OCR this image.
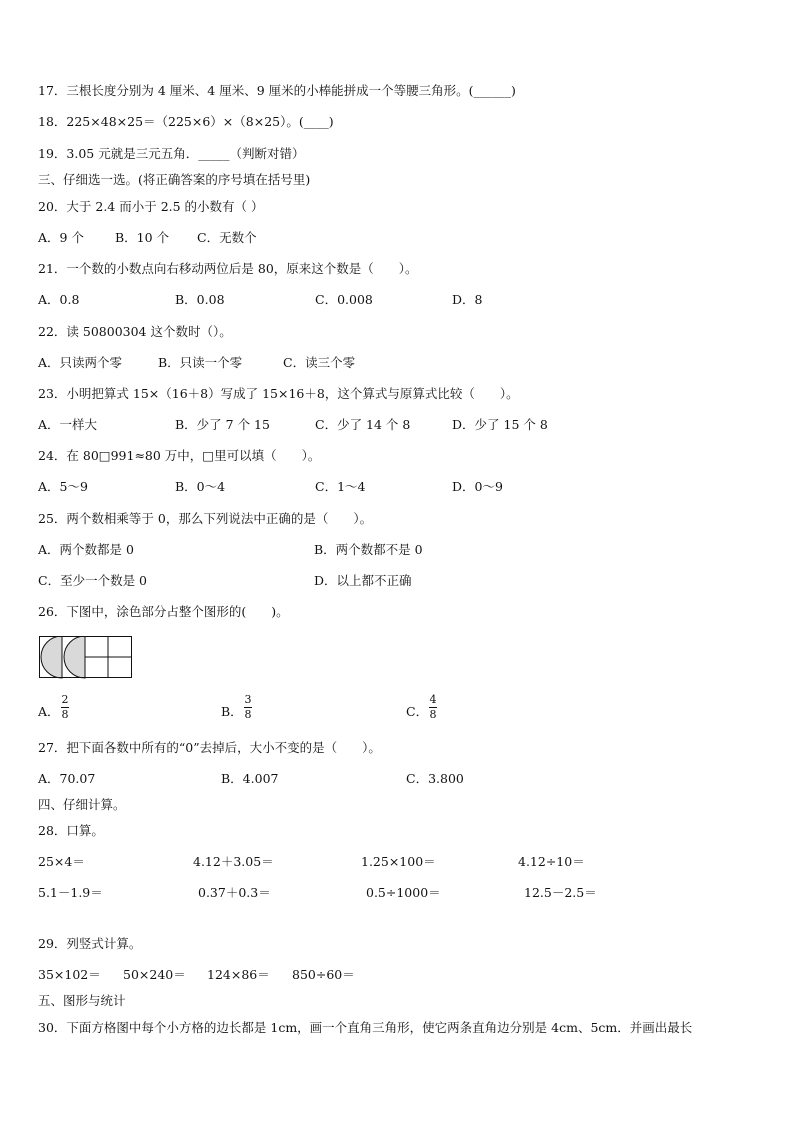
17．三根长度分别为 4 厘米、4 厘米、9 厘米的小棒能拼成一个等腰三角形。(______)
18．225×48×25＝（225×6）×（8×25）。(____)
19．3.05 元就是三元五角．_____（判断对错）
三、仔细选一选。(将正确答案的序号填在括号里)
20．大于 2.4 而小于 2.5 的小数有（ ）
A．9 个 B．10 个 C．无数个
21．一个数的小数点向右移动两位后是 80，原来这个数是（　　）。
A．0.8	B．0.08	C．0.008	D．8
22．读 50800304 这个数时（）。
A．只读两个零	B．只读一个零	C．读三个零
23．小明把算式 15×（16＋8）写成了 15×16＋8，这个算式与原算式比较（　　）。
A．一样大	B．少了 7 个 15	C．少了 14 个 8	D．少了 15 个 8
24．在 80□991≈80 万中，□里可以填（　　）。
A．5～9	B．0～4	C．1～4	D．0～9
25．两个数相乘等于 0，那么下列说法中正确的是（　　）。
A．两个数都是 0	B．两个数都不是 0
C．至少一个数是 0	D．以上都不正确
26．下图中，涂色部分占整个图形的(　　)。
A．
2
8	B．
3
8	C．
4
8
27．把下面各数中所有的“0”去掉后，大小不变的是（　　）。
A．70.07	B．4.007	C．3.800
四、仔细计算。
28．口算。
25×4＝	4.12＋3.05＝	1.25×100＝	4.12÷10＝
5.1－1.9＝	0.37＋0.3＝	0.5÷1000＝	12.5－2.5＝
29．列竖式计算。
35×102＝ 50×240＝ 124×86＝ 850÷60＝
五、图形与统计
30．下面方格图中每个小方格的边长都是 1cm，画一个直角三角形，使它两条直角边分别是 4cm、5cm．并画出最长
